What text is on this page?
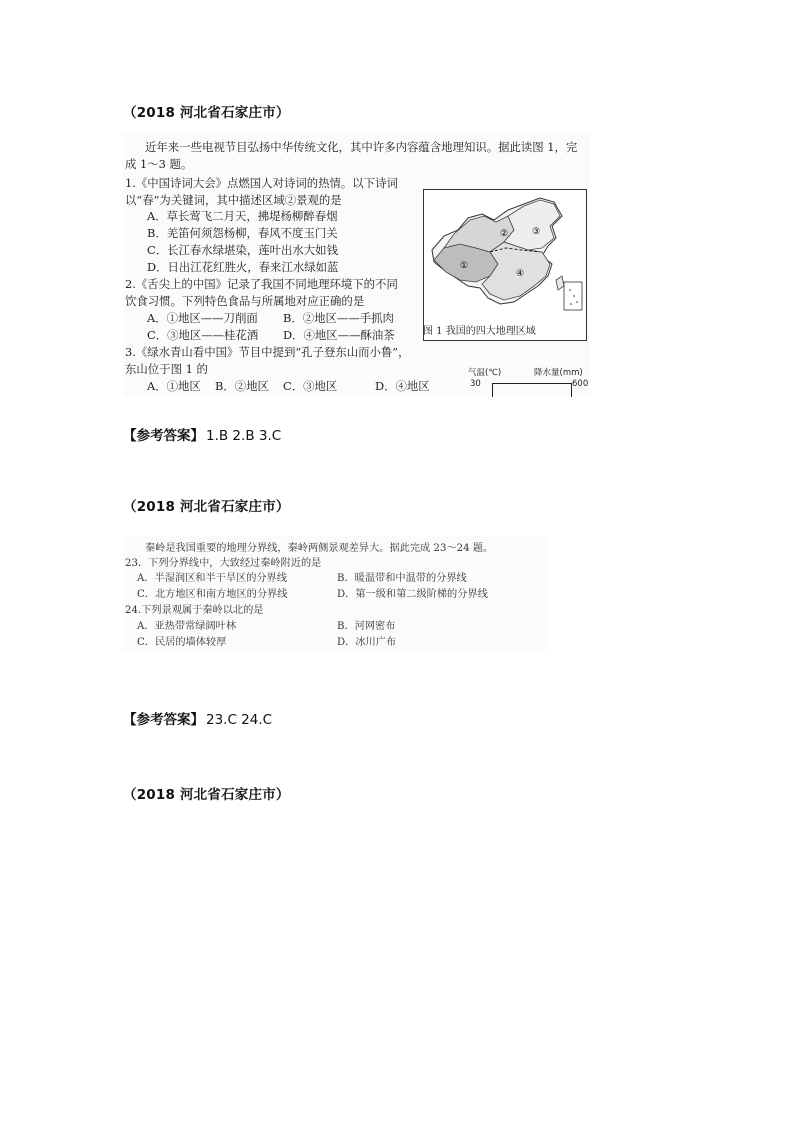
（2018 河北省石家庄市）
近年来一些电视节目弘扬中华传统文化，其中许多内容蕴含地理知识。据此读图 1，完
成 1～3 题。
1.《中国诗词大会》点燃国人对诗词的热情。以下诗词
以“春”为关键词，其中描述区域②景观的是
A．草长莺飞二月天，拂堤杨柳醉春烟
B．羌笛何须怨杨柳，春风不度玉门关
C．长江春水绿堪染，莲叶出水大如钱
D．日出江花红胜火，春来江水绿如蓝
2.《舌尖上的中国》记录了我国不同地理环境下的不同
饮食习惯。下列特色食品与所属地对应正确的是
A．①地区——刀削面 B．②地区——手抓肉
C．③地区——桂花酒 D．④地区——酥油茶
3.《绿水青山看中国》节目中提到“孔子登东山而小鲁”，
东山位于图 1 的
A．①地区 B．②地区 C．③地区	D．④地区
①
②	③
④
图 1 我国的四大地理区域
气温(℃)	降水量(mm)
30	600
【参考答案】 1.B 2.B 3.C
（2018 河北省石家庄市）
秦岭是我国重要的地理分界线，秦岭两侧景观差异大。据此完成 23～24 题。
23．下列分界线中，大致经过秦岭附近的是
A．半湿润区和半干旱区的分界线	B．暖温带和中温带的分界线
C．北方地区和南方地区的分界线	D．第一级和第二级阶梯的分界线
24.下列景观属于秦岭以北的是
A．亚热带常绿阔叶林	B．河网密布
C．民居的墙体较厚	D．冰川广布
【参考答案】 23.C 24.C
（2018 河北省石家庄市）
